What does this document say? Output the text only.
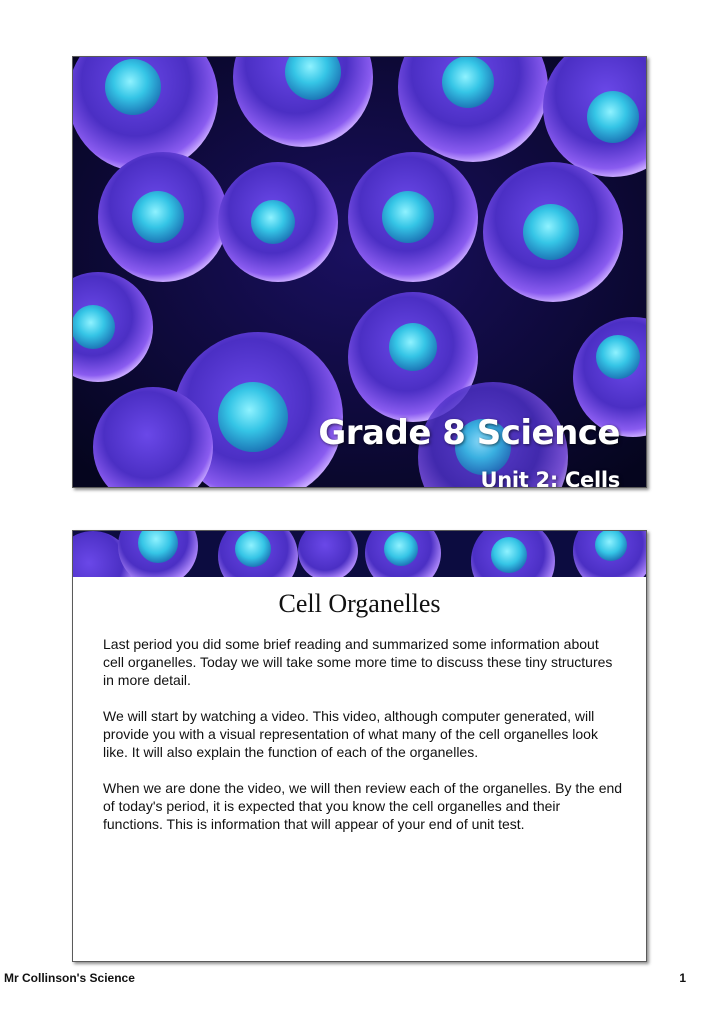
Grade 8 Science
Unit 2: Cells
Cell Organelles

Last period you did some brief reading and summarized some information about cell organelles. Today we will take some more time to discuss these tiny structures in more detail.

We will start by watching a video. This video, although computer generated, will provide you with a visual representation of what many of the cell organelles look like. It will also explain the function of each of the organelles.

When we are done the video, we will then review each of the organelles. By the end of today's period, it is expected that you know the cell organelles and their functions. This is information that will appear of your end of unit test.

Mr Collinson's Science	1
